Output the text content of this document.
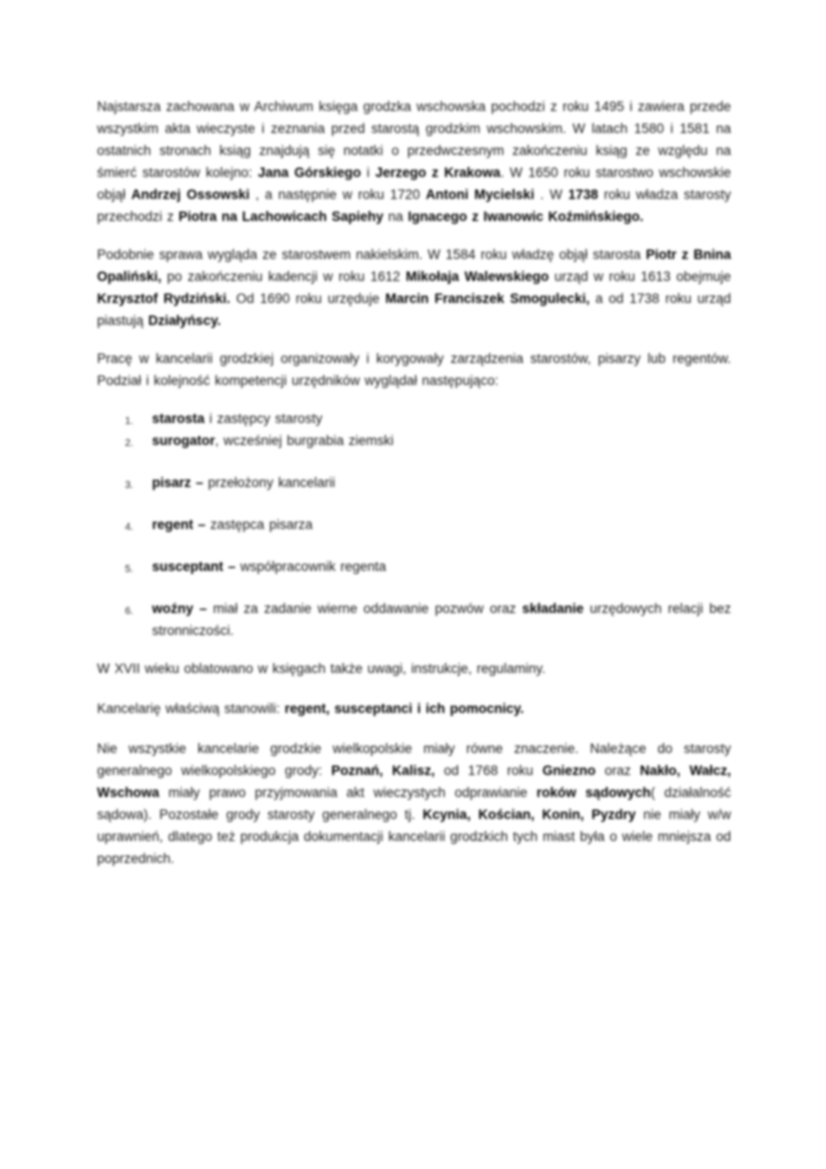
Najstarsza zachowana w Archiwum księga grodzka wschowska pochodzi z roku 1495 i zawiera przede wszystkim akta wieczyste i zeznania przed starostą grodzkim wschowskim. W latach 1580 i 1581 na ostatnich stronach ksiąg znajdują się notatki o przedwczesnym zakończeniu ksiąg ze względu na śmierć starostów kolejno: Jana Górskiego i Jerzego z Krakowa. W 1650 roku starostwo wschowskie objął Andrzej Ossowski , a następnie w roku 1720 Antoni Mycielski . W 1738 roku władza starosty przechodzi z Piotra na Lachowicach Sapiehy na Ignacego z Iwanowic Koźmińskiego.

Podobnie sprawa wygląda ze starostwem nakielskim. W 1584 roku władzę objął starosta Piotr z Bnina Opaliński, po zakończeniu kadencji w roku 1612 Mikołaja Walewskiego urząd w roku 1613 obejmuje Krzysztof Rydziński. Od 1690 roku urzęduje Marcin Franciszek Smogulecki, a od 1738 roku urząd piastują Działyńscy.

Pracę w kancelarii grodzkiej organizowały i korygowały zarządzenia starostów, pisarzy lub regentów. Podział i kolejność kompetencji urzędników wyglądał następująco:

1. starosta i zastępcy starosty
2. surogator, wcześniej burgrabia ziemski
3. pisarz – przełożony kancelarii
4. regent – zastępca pisarza
5. susceptant – współpracownik regenta
6. woźny – miał za zadanie wierne oddawanie pozwów oraz składanie urzędowych relacji bez stronniczości.

W XVII wieku oblatowano w księgach także uwagi, instrukcje, regulaminy.

Kancelarię właściwą stanowili: regent, susceptanci i ich pomocnicy.

Nie wszystkie kancelarie grodzkie wielkopolskie miały równe znaczenie. Należące do starosty generalnego wielkopolskiego grody: Poznań, Kalisz, od 1768 roku Gniezno oraz Nakło, Wałcz, Wschowa miały prawo przyjmowania akt wieczystych odprawianie roków sądowych( działalność sądowa). Pozostałe grody starosty generalnego tj. Kcynia, Kościan, Konin, Pyzdry nie miały w/w uprawnień, dlatego też produkcja dokumentacji kancelarii grodzkich tych miast była o wiele mniejsza od poprzednich.
